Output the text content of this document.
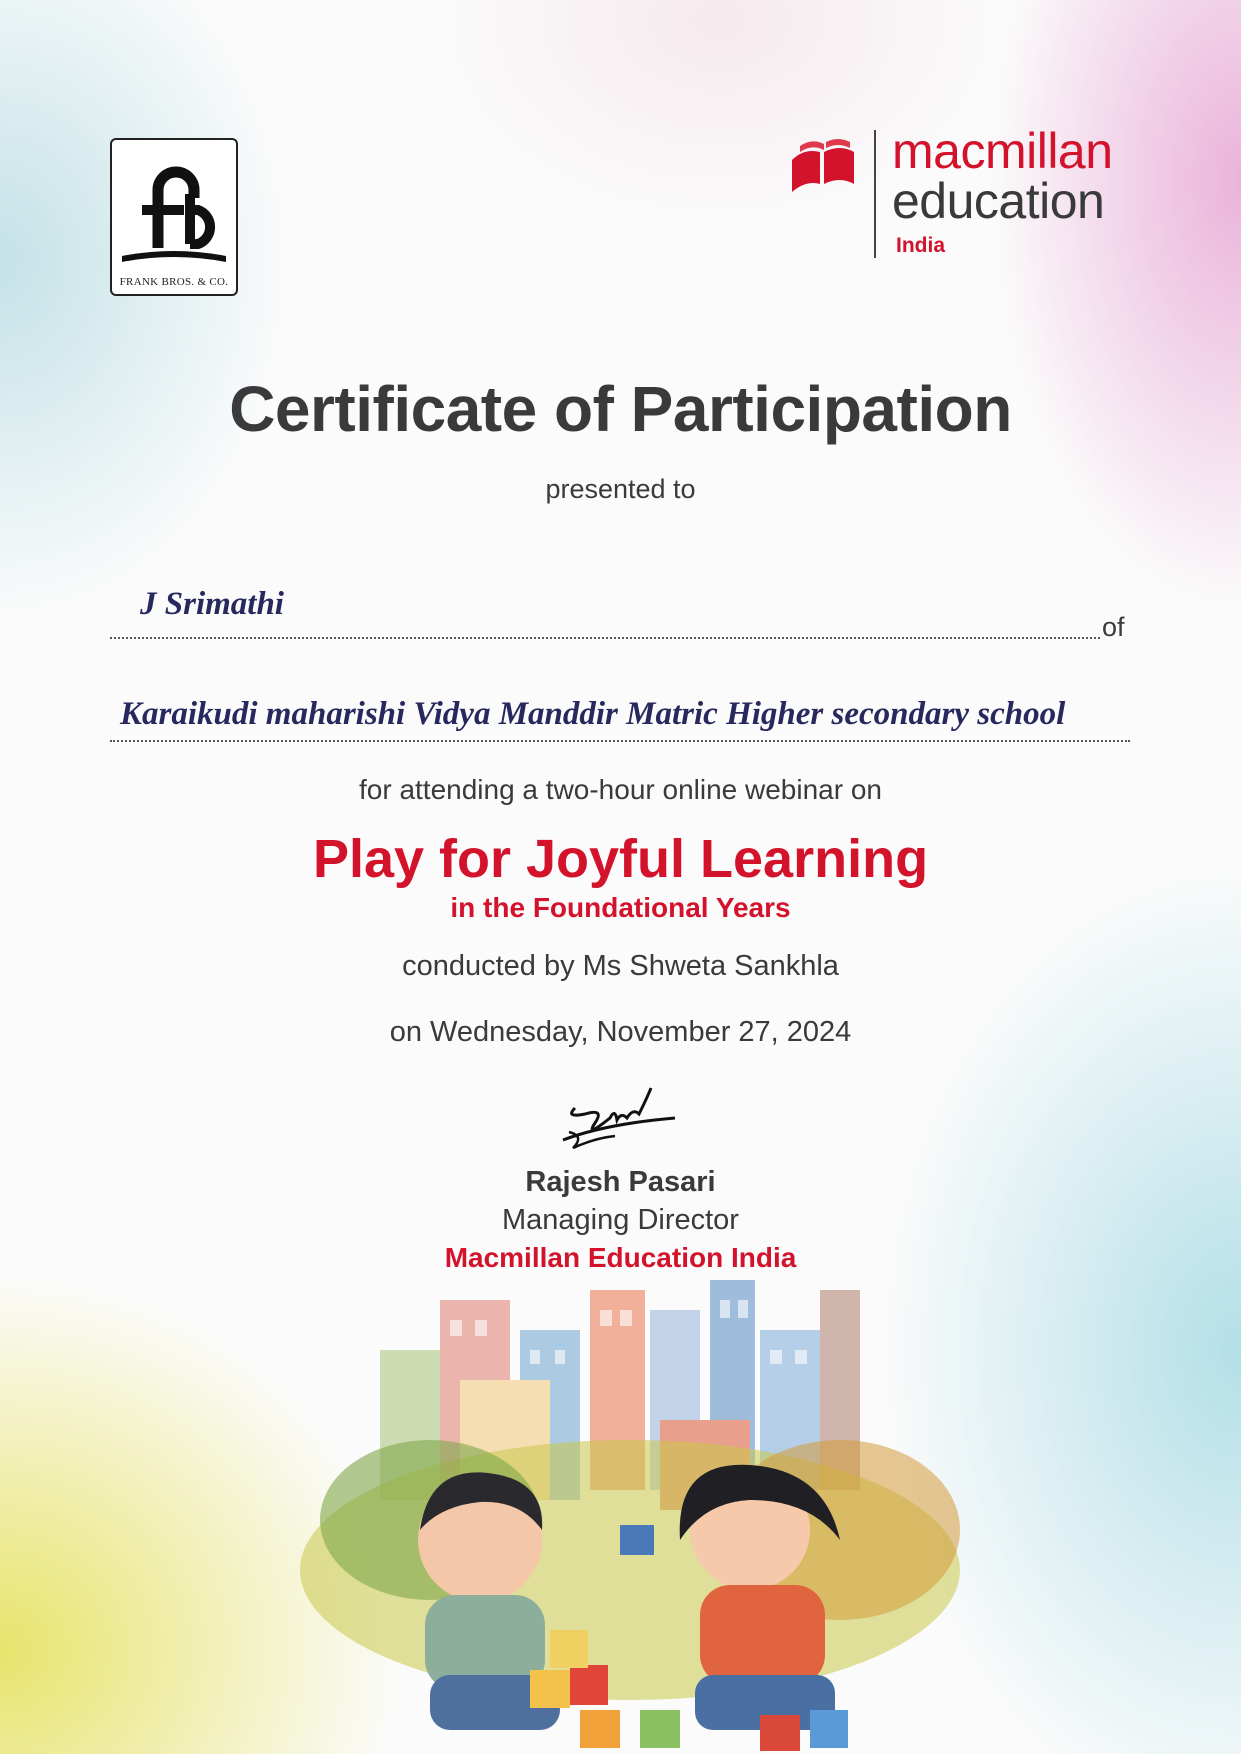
FRANK BROS. & CO.
macmillan
education
India
Certificate of Participation
presented to
J Srimathi
of
Karaikudi maharishi Vidya Manddir Matric Higher secondary school
for attending a two-hour online webinar on
Play for Joyful Learning
in the Foundational Years
conducted by Ms Shweta Sankhla
on Wednesday, November 27, 2024
Rajesh Pasari
Managing Director
Macmillan Education India
